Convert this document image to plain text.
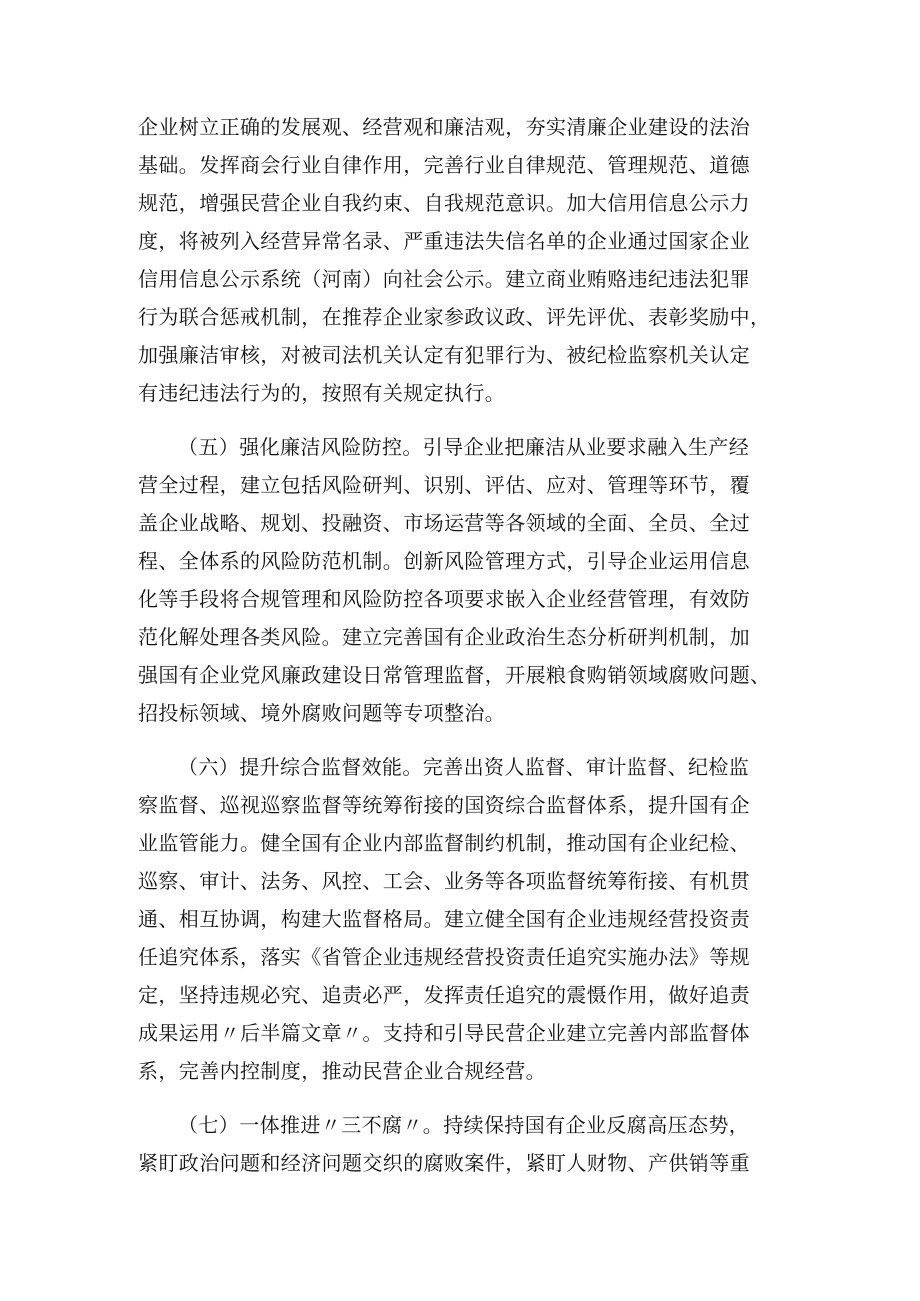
企业树立正确的发展观、经营观和廉洁观，夯实清廉企业建设的法治
基础。发挥商会行业自律作用，完善行业自律规范、管理规范、道德
规范，增强民营企业自我约束、自我规范意识。加大信用信息公示力
度，将被列入经营异常名录、严重违法失信名单的企业通过国家企业
信用信息公示系统（河南）向社会公示。建立商业贿赂违纪违法犯罪
行为联合惩戒机制，在推荐企业家参政议政、评先评优、表彰奖励中，
加强廉洁审核，对被司法机关认定有犯罪行为、被纪检监察机关认定
有违纪违法行为的，按照有关规定执行。
（五）强化廉洁风险防控。引导企业把廉洁从业要求融入生产经
营全过程，建立包括风险研判、识别、评估、应对、管理等环节，覆
盖企业战略、规划、投融资、市场运营等各领域的全面、全员、全过
程、全体系的风险防范机制。创新风险管理方式，引导企业运用信息
化等手段将合规管理和风险防控各项要求嵌入企业经营管理，有效防
范化解处理各类风险。建立完善国有企业政治生态分析研判机制，加
强国有企业党风廉政建设日常管理监督，开展粮食购销领域腐败问题、
招投标领域、境外腐败问题等专项整治。
（六）提升综合监督效能。完善出资人监督、审计监督、纪检监
察监督、巡视巡察监督等统筹衔接的国资综合监督体系，提升国有企
业监管能力。健全国有企业内部监督制约机制，推动国有企业纪检、
巡察、审计、法务、风控、工会、业务等各项监督统筹衔接、有机贯
通、相互协调，构建大监督格局。建立健全国有企业违规经营投资责
任追究体系，落实《省管企业违规经营投资责任追究实施办法》等规
定，坚持违规必究、追责必严，发挥责任追究的震慑作用，做好追责
成果运用〃后半篇文章〃。支持和引导民营企业建立完善内部监督体
系，完善内控制度，推动民营企业合规经营。
（七）一体推进〃三不腐〃。持续保持国有企业反腐高压态势，
紧盯政治问题和经济问题交织的腐败案件，紧盯人财物、产供销等重
